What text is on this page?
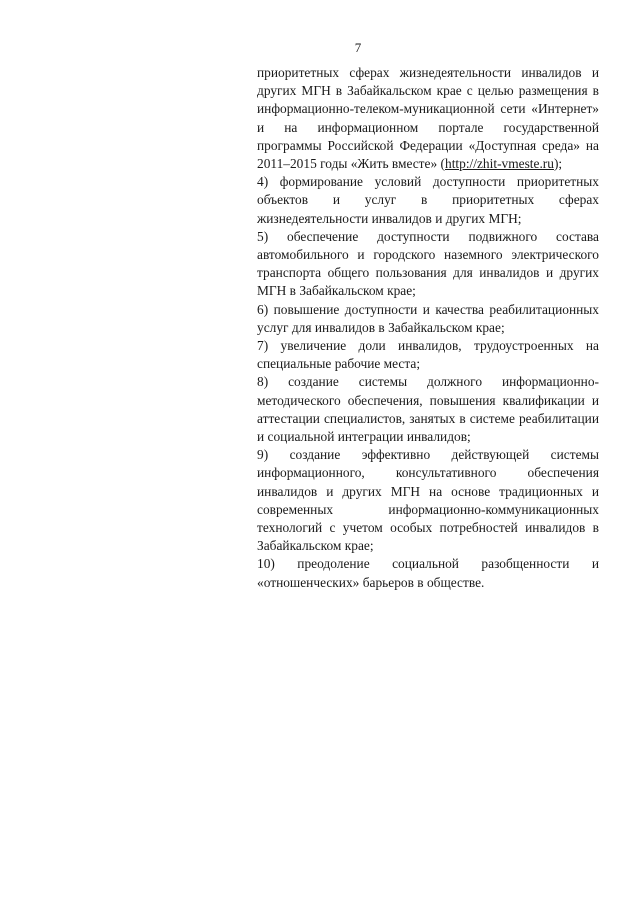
7

приоритетных сферах жизнедеятельности инвалидов и других МГН в Забайкальском крае с целью размещения в информационно-телеком-муникационной сети «Интернет» и на информационном портале государственной программы Российской Федерации «Доступная среда» на 2011–2015 годы «Жить вместе» (http://zhit-vmeste.ru);

4) формирование условий доступности приоритетных объектов и услуг в приоритетных сферах жизнедеятельности инвалидов и других МГН;

5) обеспечение доступности подвижного состава автомобильного и городского наземного электрического транспорта общего пользования для инвалидов и других МГН в Забайкальском крае;

6) повышение доступности и качества реабилитационных услуг для инвалидов в Забайкальском крае;

7) увеличение доли инвалидов, трудоустроенных на специальные рабочие места;

8) создание системы должного информационно-методического обеспечения, повышения квалификации и аттестации специалистов, занятых в системе реабилитации и социальной интеграции инвалидов;

9) создание эффективно действующей системы информационного, консультативного обеспечения инвалидов и других МГН на основе традиционных и современных информационно-коммуникационных технологий с учетом особых потребностей инвалидов в Забайкальском крае;

10) преодоление социальной разобщенности и «отношенческих» барьеров в обществе.
